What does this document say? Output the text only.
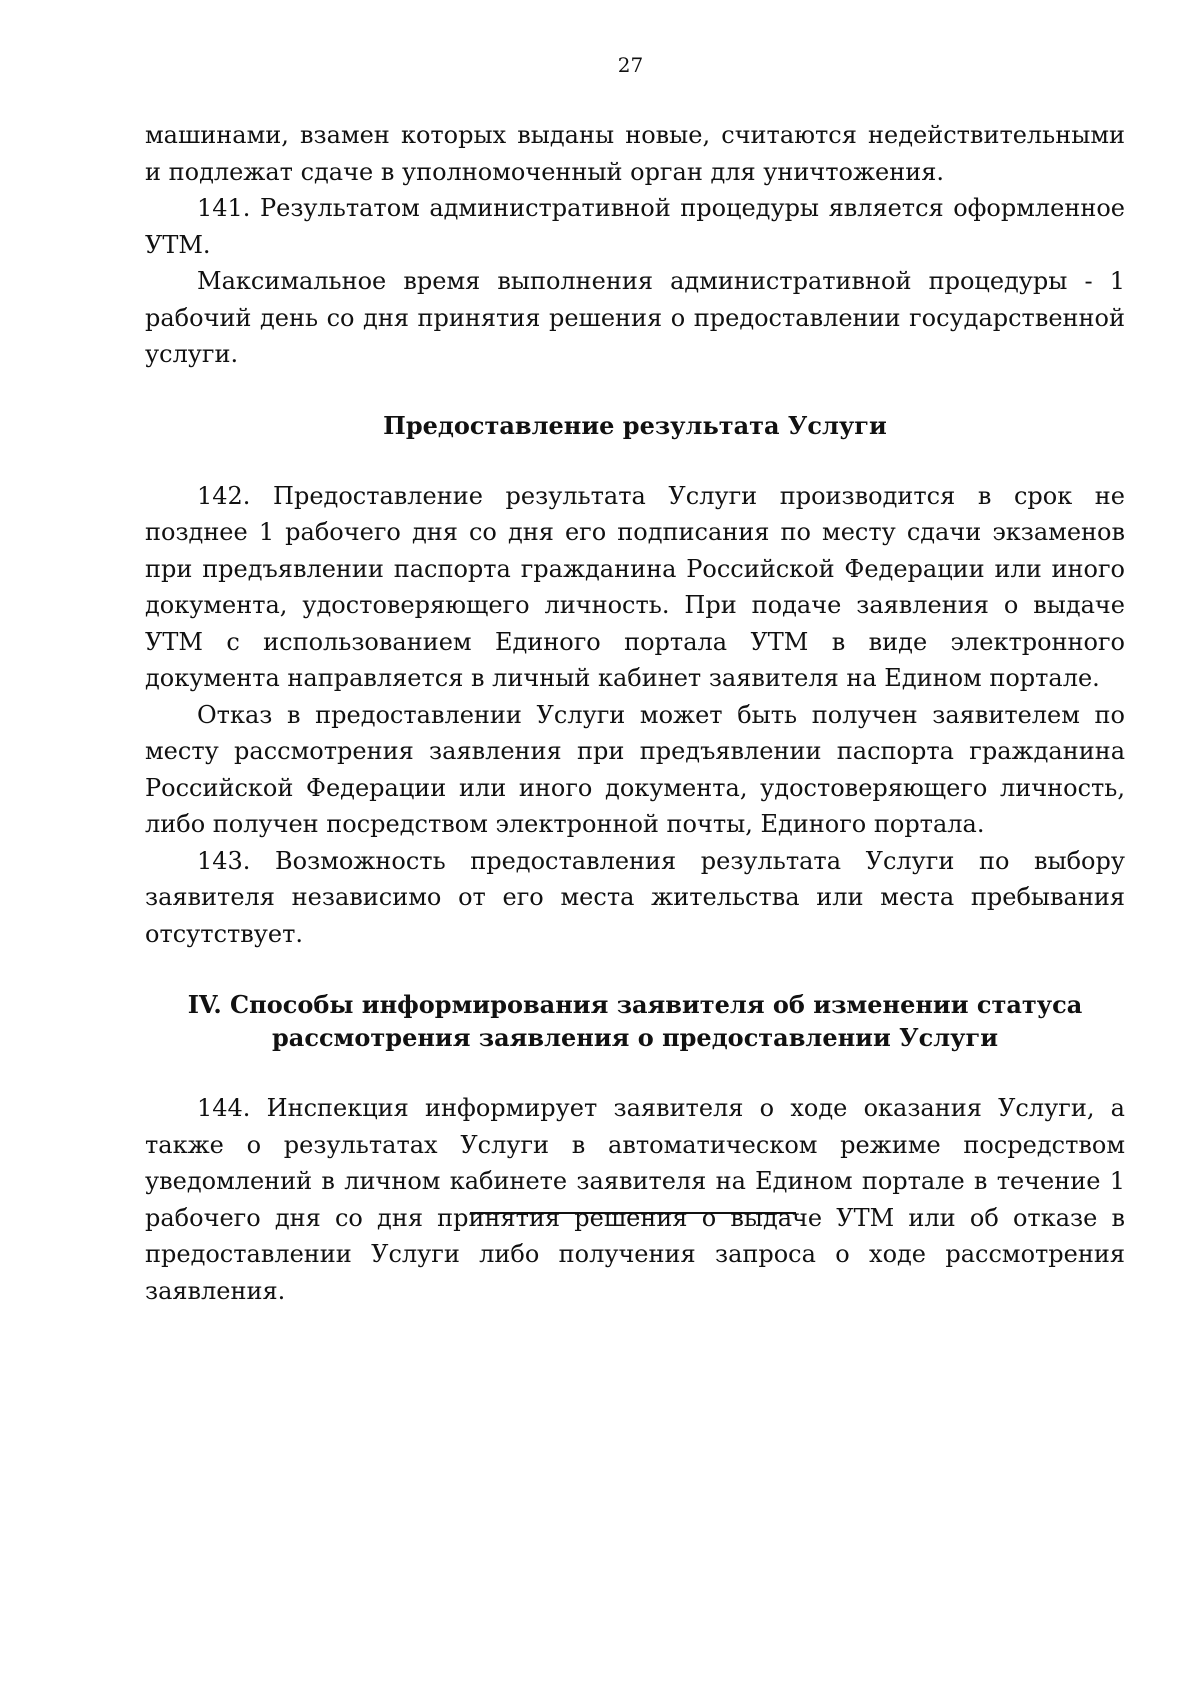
27

машинами, взамен которых выданы новые, считаются недействительными и подлежат сдаче в уполномоченный орган для уничтожения.

141. Результатом административной процедуры является оформленное УТМ.

Максимальное время выполнения административной процедуры - 1 рабочий день со дня принятия решения о предоставлении государственной услуги.

Предоставление результата Услуги

142. Предоставление результата Услуги производится в срок не позднее 1 рабочего дня со дня его подписания по месту сдачи экзаменов при предъявлении паспорта гражданина Российской Федерации или иного документа, удостоверяющего личность. При подаче заявления о выдаче УТМ с использованием Единого портала УТМ в виде электронного документа направляется в личный кабинет заявителя на Едином портале.

Отказ в предоставлении Услуги может быть получен заявителем по месту рассмотрения заявления при предъявлении паспорта гражданина Российской Федерации или иного документа, удостоверяющего личность, либо получен посредством электронной почты, Единого портала.

143. Возможность предоставления результата Услуги по выбору заявителя независимо от его места жительства или места пребывания отсутствует.

IV. Способы информирования заявителя об изменении статуса
рассмотрения заявления о предоставлении Услуги

144. Инспекция информирует заявителя о ходе оказания Услуги, а также о результатах Услуги в автоматическом режиме посредством уведомлений в личном кабинете заявителя на Едином портале в течение 1 рабочего дня со дня принятия решения о выдаче УТМ или об отказе в предоставлении Услуги либо получения запроса о ходе рассмотрения заявления.
